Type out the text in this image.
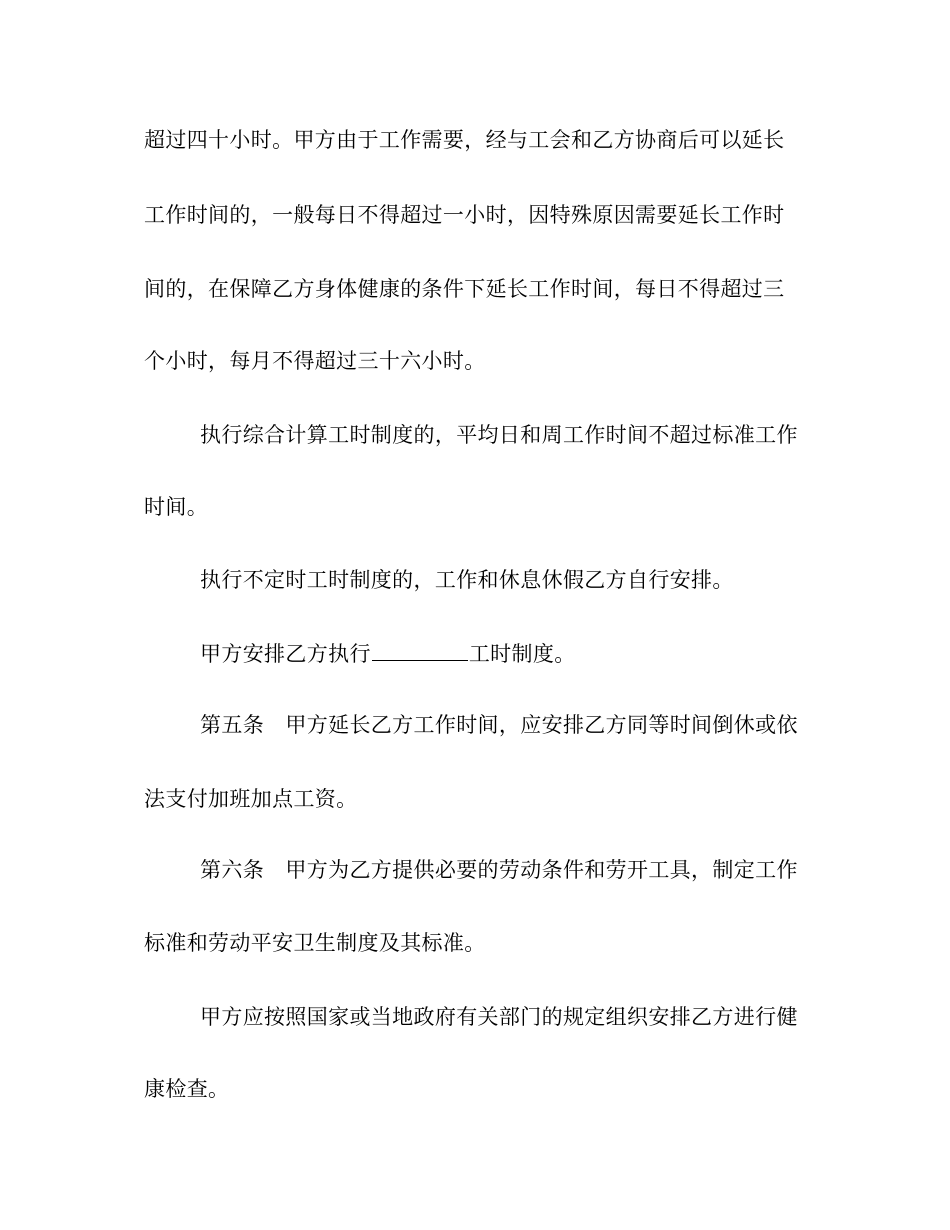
超过四十小时。甲方由于工作需要，经与工会和乙方协商后可以延长
工作时间的，一般每日不得超过一小时，因特殊原因需要延长工作时
间的，在保障乙方身体健康的条件下延长工作时间，每日不得超过三
个小时，每月不得超过三十六小时。
执行综合计算工时制度的，平均日和周工作时间不超过标准工作
时间。
执行不定时工时制度的，工作和休息休假乙方自行安排。
甲方安排乙方执行	工时制度。
第五条　甲方延长乙方工作时间，应安排乙方同等时间倒休或依
法支付加班加点工资。
第六条　甲方为乙方提供必要的劳动条件和劳开工具，制定工作
标准和劳动平安卫生制度及其标准。
甲方应按照国家或当地政府有关部门的规定组织安排乙方进行健
康检查。
